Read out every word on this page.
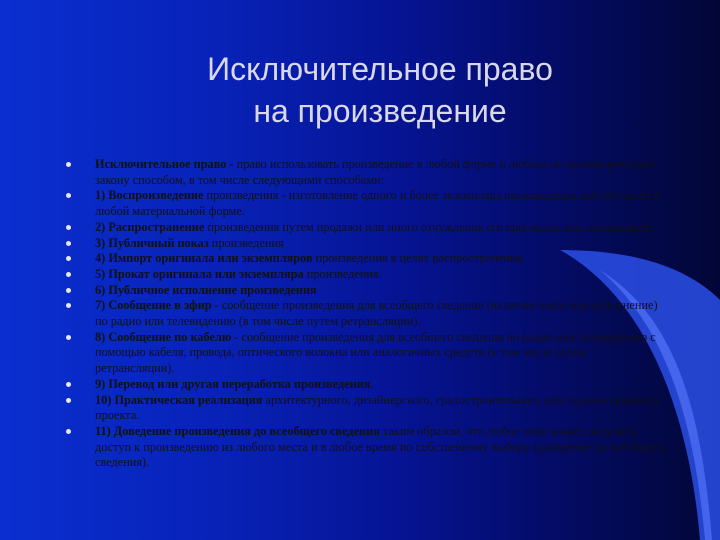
Исключительное право
на произведение
Исключительное право - право использовать произведение в любой форме и любым не противоречащим закону способом, в том числе следующими способами:
1) Воспроизведение произведения - изготовление одного и более экземпляра произведения или его части в любой материальной форме.
2) Распространение произведения путем продажи или иного отчуждения его оригинала или экземпляров.
3) Публичный показ произведения
4) Импорт оригинала или экземпляров произведения в целях распространения.
5) Прокат оригинала или экземпляра произведения.
6) Публичное исполнение произведения
7) Сообщение в эфир - сообщение произведения для всеобщего сведения (включая показ или исполнение) по радио или телевидению (в том числе путем ретрансляции).
8) Сообщение по кабелю - сообщение произведения для всеобщего сведения по радио или телевидению с помощью кабеля, провода, оптического волокна или аналогичных средств (в том числе путем ретрансляции).
9) Перевод или другая переработка произведения.
10) Практическая реализация архитектурного, дизайнерского, градостроительного или садово-паркового проекта.
11) Доведение произведения до всеобщего сведения таким образом, что любое лицо может получить доступ к произведению из любого места и в любое время по собственному выбору (доведение до всеобщего сведения).
